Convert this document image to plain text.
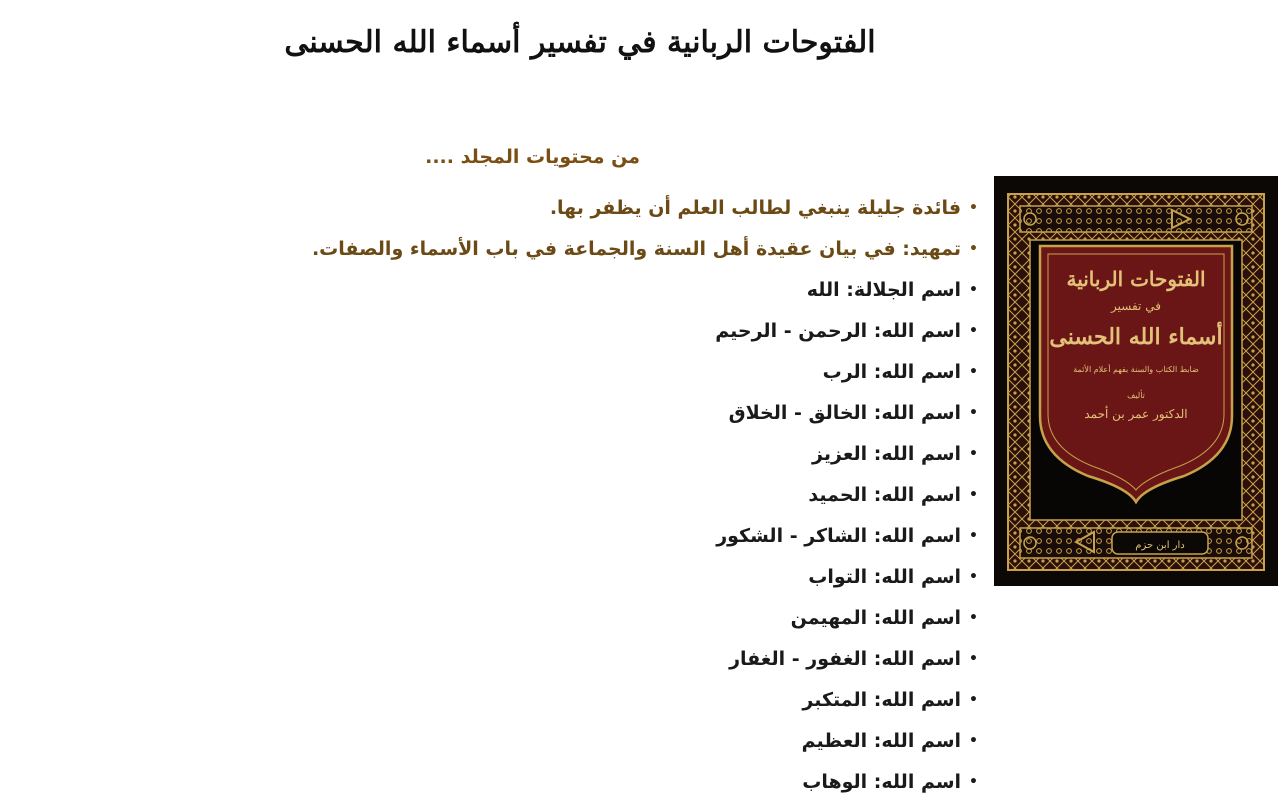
الفتوحات الربانية في تفسير أسماء الله الحسنى
من محتويات المجلد ....
•فائدة جليلة ينبغي لطالب العلم أن يظفر بها.
•تمهيد: في بيان عقيدة أهل السنة والجماعة في باب الأسماء والصفات.
•اسم الجلالة: الله
•اسم الله: الرحمن - الرحيم
•اسم الله: الرب
•اسم الله: الخالق - الخلاق
•اسم الله: العزيز
•اسم الله: الحميد
•اسم الله: الشاكر - الشكور
•اسم الله: التواب
•اسم الله: المهيمن
•اسم الله: الغفور - الغفار
•اسم الله: المتكبر
•اسم الله: العظيم
•اسم الله: الوهاب
الفتوحات الربانية
في تفسير
أسماء الله الحسنى
ضابط الكتاب والسنة بفهم أعلام الأئمة
تأليف
الدكتور عمر بن أحمد
دار ابن حزم
